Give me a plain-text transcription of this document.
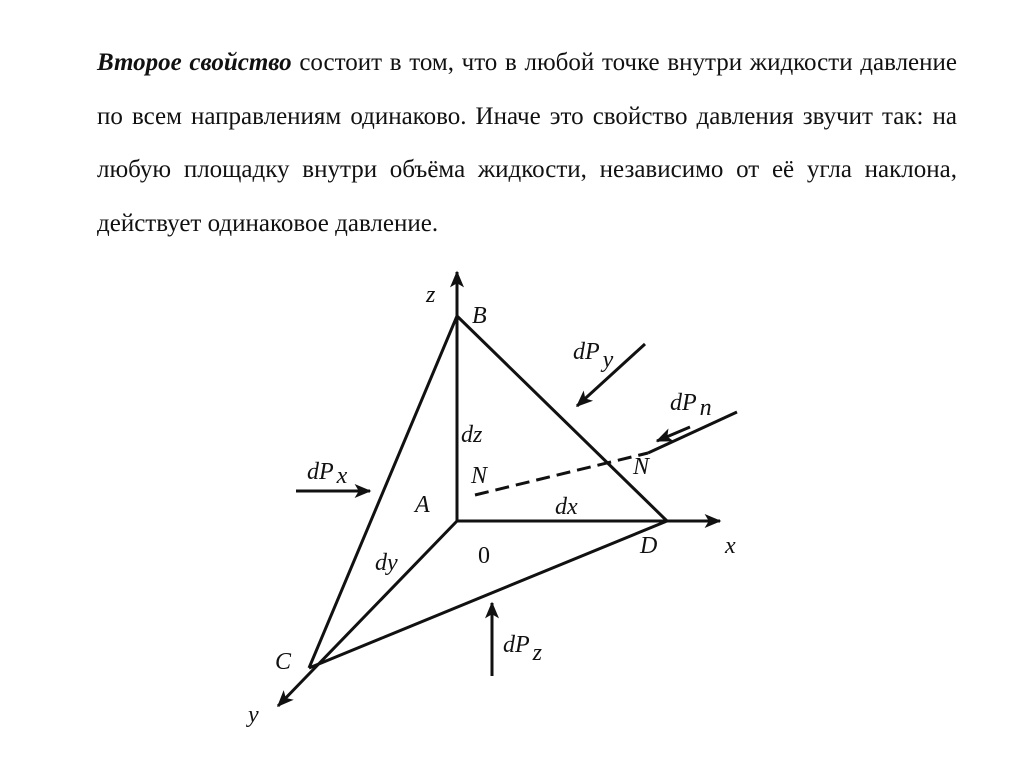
Второе свойство состоит в том, что в любой точке внутри жидкости давление по всем направлениям одинаково. Иначе это свойство давления звучит так: на любую площадку внутри объёма жидкости, независимо от её угла наклона, действует одинаковое давление.
B
A
C
D
0
z
x
y
dz
dx
dy
N	N
dP x
dP y
dP n
dP z
